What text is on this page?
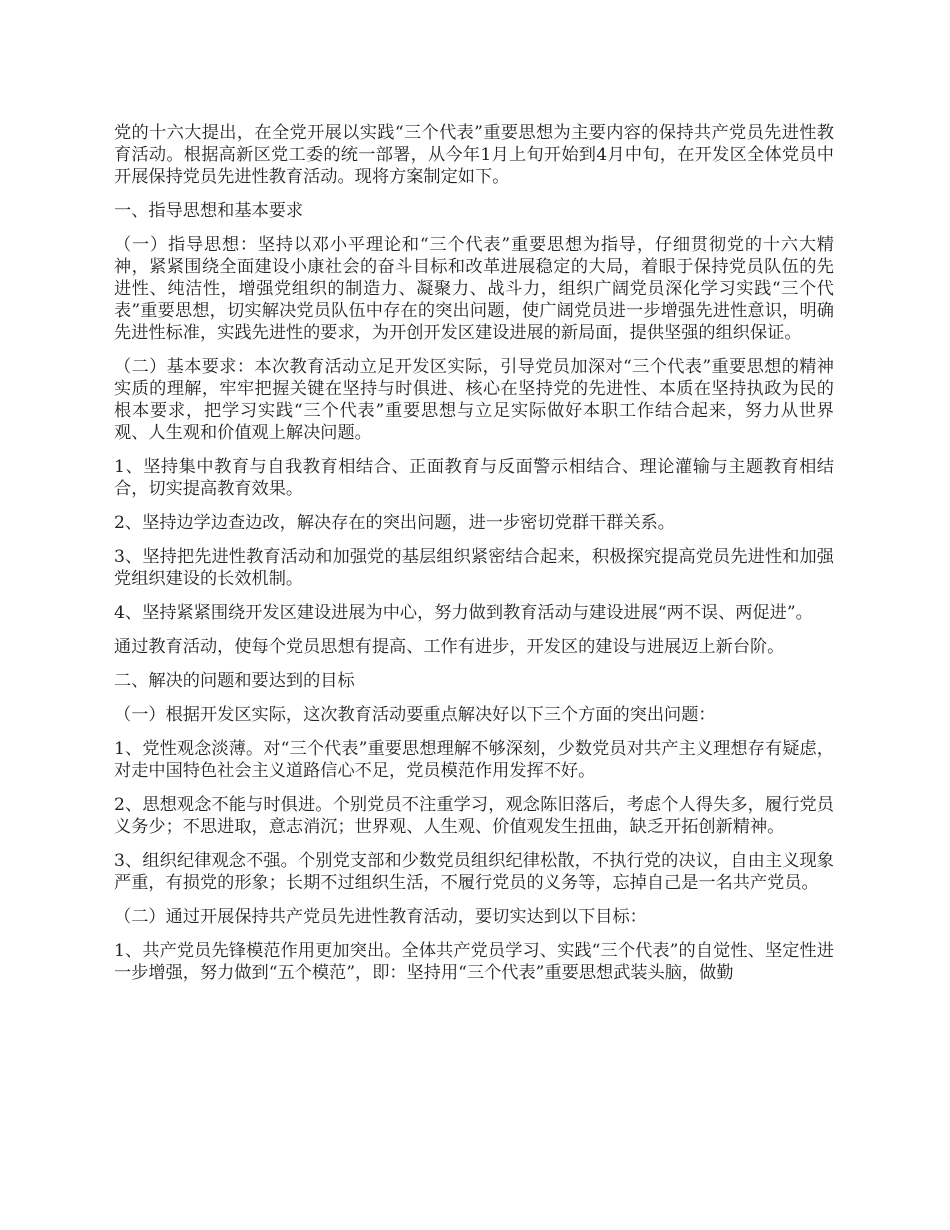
党的十六大提出，在全党开展以实践“三个代表”重要思想为主要内容的保持共产党员先进性教育活动。根据高新区党工委的统一部署，从今年1月上旬开始到4月中旬，在开发区全体党员中开展保持党员先进性教育活动。现将方案制定如下。

一、指导思想和基本要求

（一）指导思想：坚持以邓小平理论和“三个代表”重要思想为指导，仔细贯彻党的十六大精神，紧紧围绕全面建设小康社会的奋斗目标和改革进展稳定的大局，着眼于保持党员队伍的先进性、纯洁性，增强党组织的制造力、凝聚力、战斗力，组织广阔党员深化学习实践“三个代表”重要思想，切实解决党员队伍中存在的突出问题，使广阔党员进一步增强先进性意识，明确先进性标准，实践先进性的要求，为开创开发区建设进展的新局面，提供坚强的组织保证。

（二）基本要求：本次教育活动立足开发区实际，引导党员加深对“三个代表”重要思想的精神实质的理解，牢牢把握关键在坚持与时俱进、核心在坚持党的先进性、本质在坚持执政为民的根本要求，把学习实践“三个代表”重要思想与立足实际做好本职工作结合起来，努力从世界观、人生观和价值观上解决问题。

1、坚持集中教育与自我教育相结合、正面教育与反面警示相结合、理论灌输与主题教育相结合，切实提高教育效果。

2、坚持边学边查边改，解决存在的突出问题，进一步密切党群干群关系。

3、坚持把先进性教育活动和加强党的基层组织紧密结合起来，积极探究提高党员先进性和加强党组织建设的长效机制。

4、坚持紧紧围绕开发区建设进展为中心，努力做到教育活动与建设进展“两不误、两促进”。

通过教育活动，使每个党员思想有提高、工作有进步，开发区的建设与进展迈上新台阶。

二、解决的问题和要达到的目标

（一）根据开发区实际，这次教育活动要重点解决好以下三个方面的突出问题：

1、党性观念淡薄。对“三个代表”重要思想理解不够深刻，少数党员对共产主义理想存有疑虑，对走中国特色社会主义道路信心不足，党员模范作用发挥不好。

2、思想观念不能与时俱进。个别党员不注重学习，观念陈旧落后，考虑个人得失多，履行党员义务少；不思进取，意志消沉；世界观、人生观、价值观发生扭曲，缺乏开拓创新精神。

3、组织纪律观念不强。个别党支部和少数党员组织纪律松散，不执行党的决议，自由主义现象严重，有损党的形象；长期不过组织生活，不履行党员的义务等，忘掉自己是一名共产党员。

（二）通过开展保持共产党员先进性教育活动，要切实达到以下目标：

1、共产党员先锋模范作用更加突出。全体共产党员学习、实践“三个代表”的自觉性、坚定性进一步增强，努力做到“五个模范”，即：坚持用“三个代表”重要思想武装头脑，做勤
